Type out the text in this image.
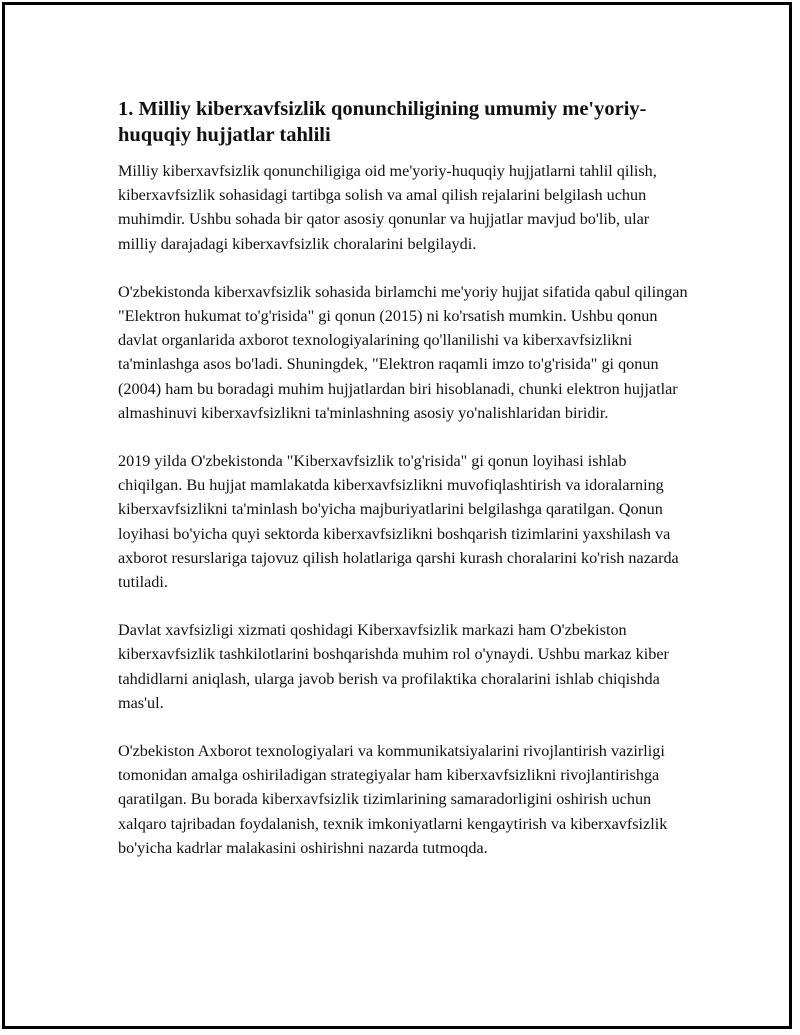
1. Milliy kiberxavfsizlik qonunchiligining umumiy me'yoriy-huquqiy hujjatlar tahlili

Milliy kiberxavfsizlik qonunchiligiga oid me'yoriy-huquqiy hujjatlarni tahlil qilish, kiberxavfsizlik sohasidagi tartibga solish va amal qilish rejalarini belgilash uchun muhimdir. Ushbu sohada bir qator asosiy qonunlar va hujjatlar mavjud bo'lib, ular milliy darajadagi kiberxavfsizlik choralarini belgilaydi.

O'zbekistonda kiberxavfsizlik sohasida birlamchi me'yoriy hujjat sifatida qabul qilingan "Elektron hukumat to'g'risida" gi qonun (2015) ni ko'rsatish mumkin. Ushbu qonun davlat organlarida axborot texnologiyalarining qo'llanilishi va kiberxavfsizlikni ta'minlashga asos bo'ladi. Shuningdek, "Elektron raqamli imzo to'g'risida" gi qonun (2004) ham bu boradagi muhim hujjatlardan biri hisoblanadi, chunki elektron hujjatlar almashinuvi kiberxavfsizlikni ta'minlashning asosiy yo'nalishlaridan biridir.

2019 yilda O'zbekistonda "Kiberxavfsizlik to'g'risida" gi qonun loyihasi ishlab chiqilgan. Bu hujjat mamlakatda kiberxavfsizlikni muvofiqlashtirish va idoralarning kiberxavfsizlikni ta'minlash bo'yicha majburiyatlarini belgilashga qaratilgan. Qonun loyihasi bo'yicha quyi sektorda kiberxavfsizlikni boshqarish tizimlarini yaxshilash va axborot resurslariga tajovuz qilish holatlariga qarshi kurash choralarini ko'rish nazarda tutiladi.

Davlat xavfsizligi xizmati qoshidagi Kiberxavfsizlik markazi ham O'zbekiston kiberxavfsizlik tashkilotlarini boshqarishda muhim rol o'ynaydi. Ushbu markaz kiber tahdidlarni aniqlash, ularga javob berish va profilaktika choralarini ishlab chiqishda mas'ul.

O'zbekiston Axborot texnologiyalari va kommunikatsiyalarini rivojlantirish vazirligi tomonidan amalga oshiriladigan strategiyalar ham kiberxavfsizlikni rivojlantirishga qaratilgan. Bu borada kiberxavfsizlik tizimlarining samaradorligini oshirish uchun xalqaro tajribadan foydalanish, texnik imkoniyatlarni kengaytirish va kiberxavfsizlik bo'yicha kadrlar malakasini oshirishni nazarda tutmoqda.
